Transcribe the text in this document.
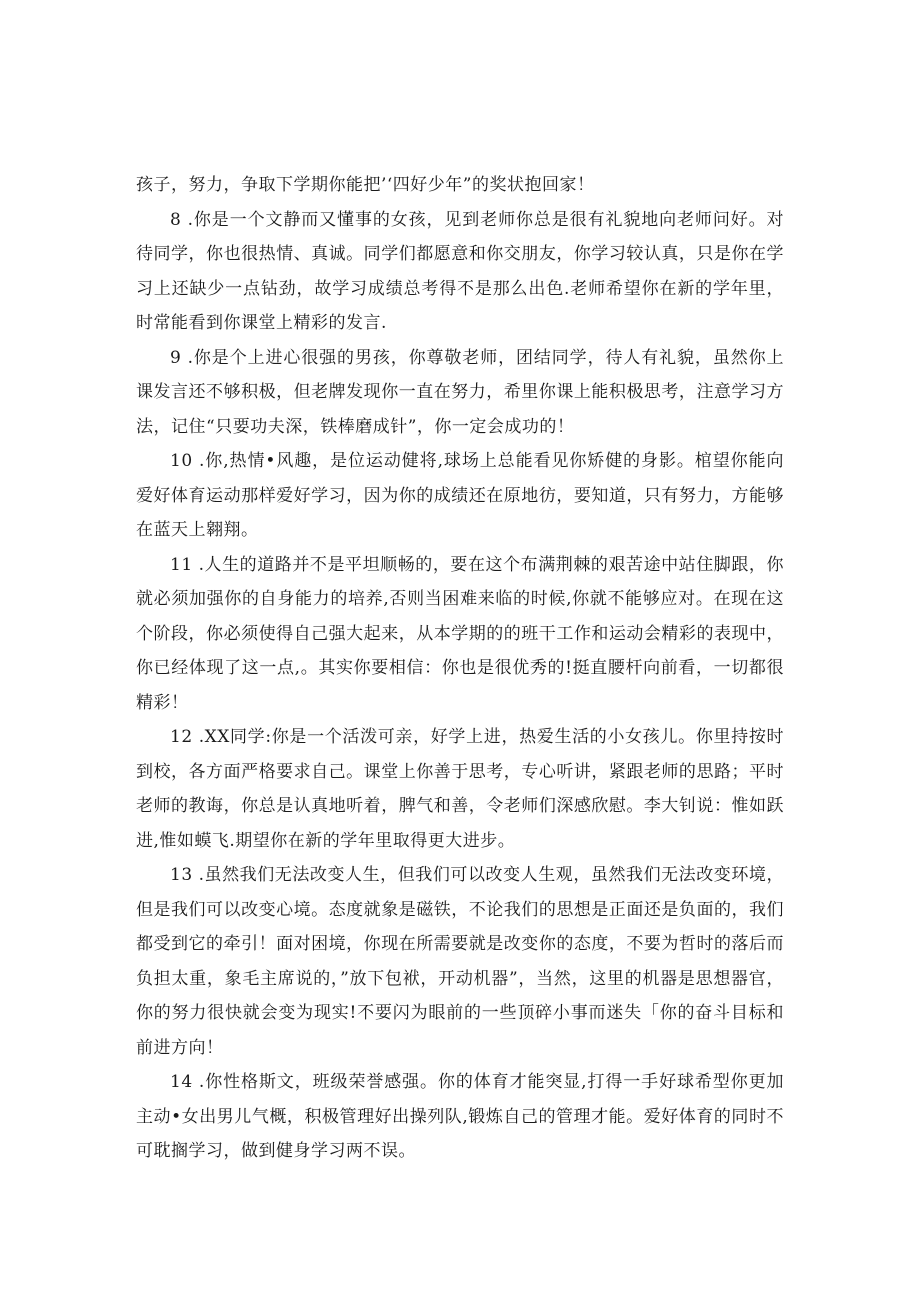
孩子，努力，争取下学期你能把’‘四好少年”的奖状抱回家！

8 .你是一个文静而又懂事的女孩，见到老师你总是很有礼貌地向老师问好。对待同学，你也很热情、真诚。同学们都愿意和你交朋友，你学习较认真，只是你在学习上还缺少一点钻劲，故学习成绩总考得不是那么出色.老师希望你在新的学年里，时常能看到你课堂上精彩的发言.

9 .你是个上进心很强的男孩，你尊敬老师，团结同学，待人有礼貌，虽然你上课发言还不够积极，但老牌发现你一直在努力，希里你课上能积极思考，注意学习方法，记住“只要功夫深，铁棒磨成针”，你一定会成功的！

10 .你,热情•风趣，是位运动健将,球场上总能看见你矫健的身影。棺望你能向爱好体育运动那样爱好学习，因为你的成绩还在原地彷，要知道，只有努力，方能够在蓝天上翱翔。

11 .人生的道路并不是平坦顺畅的，要在这个布满荆棘的艰苦途中站住脚跟，你就必须加强你的自身能力的培养,否则当困难来临的时候,你就不能够应对。在现在这个阶段，你必须使得自己强大起来，从本学期的的班干工作和运动会精彩的表现中，你已经体现了这一点,。其实你要相信：你也是很优秀的!挺直腰杆向前看，一切都很精彩！

12 .XX同学:你是一个活泼可亲，好学上进，热爱生活的小女孩儿。你里持按时到校，各方面严格要求自己。课堂上你善于思考，专心听讲，紧跟老师的思路；平时老师的教诲，你总是认真地听着，脾气和善，令老师们深感欣慰。李大钊说：惟如跃进,惟如蟆飞.期望你在新的学年里取得更大进步。

13 .虽然我们无法改变人生，但我们可以改变人生观，虽然我们无法改变环境，但是我们可以改变心境。态度就象是磁铁，不论我们的思想是正面还是负面的，我们都受到它的牵引！面对困境，你现在所需要就是改变你的态度，不要为哲时的落后而负担太重，象毛主席说的，”放下包袱，开动机器”，当然，这里的机器是思想器官，你的努力很快就会变为现实!不要闪为眼前的一些顶碎小事而迷失「你的奋斗目标和前进方向！

14 .你性格斯文，班级荣誉感强。你的体育才能突显,打得一手好球希型你更加主动•女出男儿气概，积极管理好出操列队,锻炼自己的管理才能。爱好体育的同时不可耽搁学习，做到健身学习两不误。
